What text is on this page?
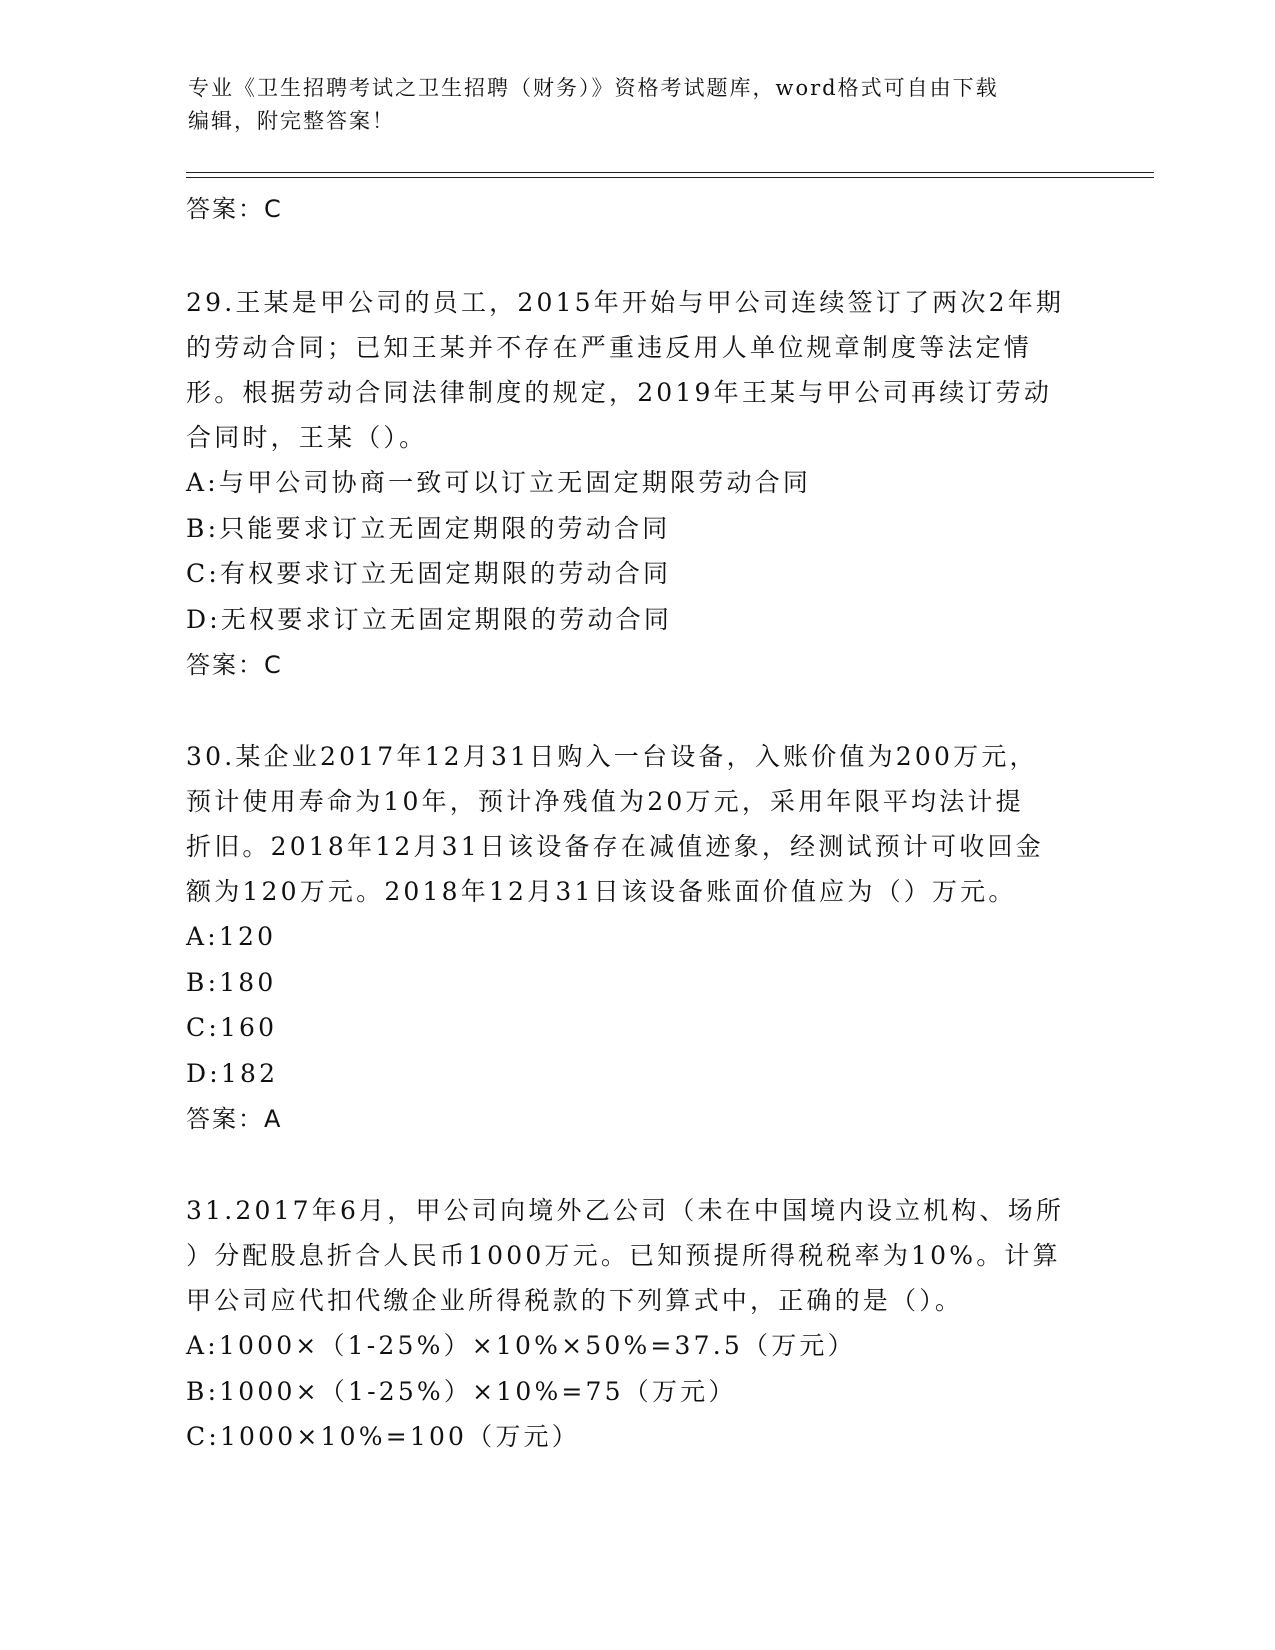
专业《卫生招聘考试之卫生招聘（财务）》资格考试题库，word格式可自由下载
编辑，附完整答案！
答案：C
29.王某是甲公司的员工，2015年开始与甲公司连续签订了两次2年期
的劳动合同；已知王某并不存在严重违反用人单位规章制度等法定情
形。根据劳动合同法律制度的规定，2019年王某与甲公司再续订劳动
合同时，王某（）。
A:与甲公司协商一致可以订立无固定期限劳动合同
B:只能要求订立无固定期限的劳动合同
C:有权要求订立无固定期限的劳动合同
D:无权要求订立无固定期限的劳动合同
答案：C
30.某企业2017年12月31日购入一台设备，入账价值为200万元，
预计使用寿命为10年，预计净残值为20万元，采用年限平均法计提
折旧。2018年12月31日该设备存在减值迹象，经测试预计可收回金
额为120万元。2018年12月31日该设备账面价值应为（）万元。
A:120
B:180
C:160
D:182
答案：A
31.2017年6月，甲公司向境外乙公司（未在中国境内设立机构、场所
）分配股息折合人民币1000万元。已知预提所得税税率为10%。计算
甲公司应代扣代缴企业所得税款的下列算式中，正确的是（）。
A:1000×（1-25%）×10%×50%=37.5（万元）
B:1000×（1-25%）×10%=75（万元）
C:1000×10%=100（万元）
